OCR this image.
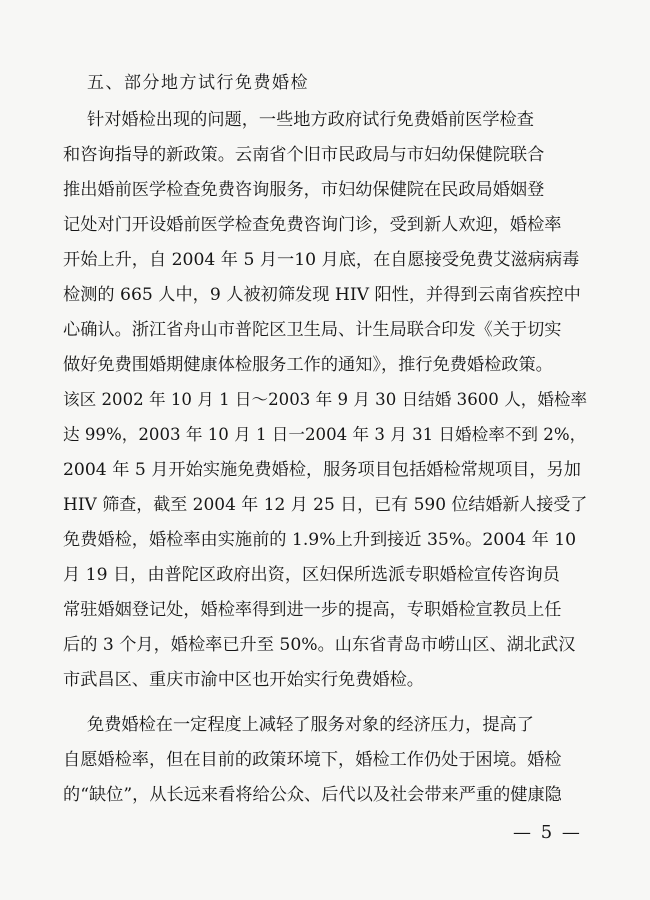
五、部分地方试行免费婚检
针对婚检出现的问题，一些地方政府试行免费婚前医学检查
和咨询指导的新政策。云南省个旧市民政局与市妇幼保健院联合
推出婚前医学检查免费咨询服务，市妇幼保健院在民政局婚姻登
记处对门开设婚前医学检查免费咨询门诊，受到新人欢迎，婚检率
开始上升，自 2004 年 5 月一10 月底，在自愿接受免费艾滋病病毒
检测的 665 人中，9 人被初筛发现 HIV 阳性，并得到云南省疾控中
心确认。浙江省舟山市普陀区卫生局、计生局联合印发《关于切实
做好免费围婚期健康体检服务工作的通知》，推行免费婚检政策。
该区 2002 年 10 月 1 日～2003 年 9 月 30 日结婚 3600 人，婚检率
达 99%，2003 年 10 月 1 日一2004 年 3 月 31 日婚检率不到 2%，
2004 年 5 月开始实施免费婚检，服务项目包括婚检常规项目，另加
HIV 筛查，截至 2004 年 12 月 25 日，已有 590 位结婚新人接受了
免费婚检，婚检率由实施前的 1.9%上升到接近 35%。2004 年 10
月 19 日，由普陀区政府出资，区妇保所选派专职婚检宣传咨询员
常驻婚姻登记处，婚检率得到进一步的提高，专职婚检宣教员上任
后的 3 个月，婚检率已升至 50%。山东省青岛市崂山区、湖北武汉
市武昌区、重庆市渝中区也开始实行免费婚检。
免费婚检在一定程度上减轻了服务对象的经济压力，提高了
自愿婚检率，但在目前的政策环境下，婚检工作仍处于困境。婚检
的“缺位”，从长远来看将给公众、后代以及社会带来严重的健康隐
— 5 —
